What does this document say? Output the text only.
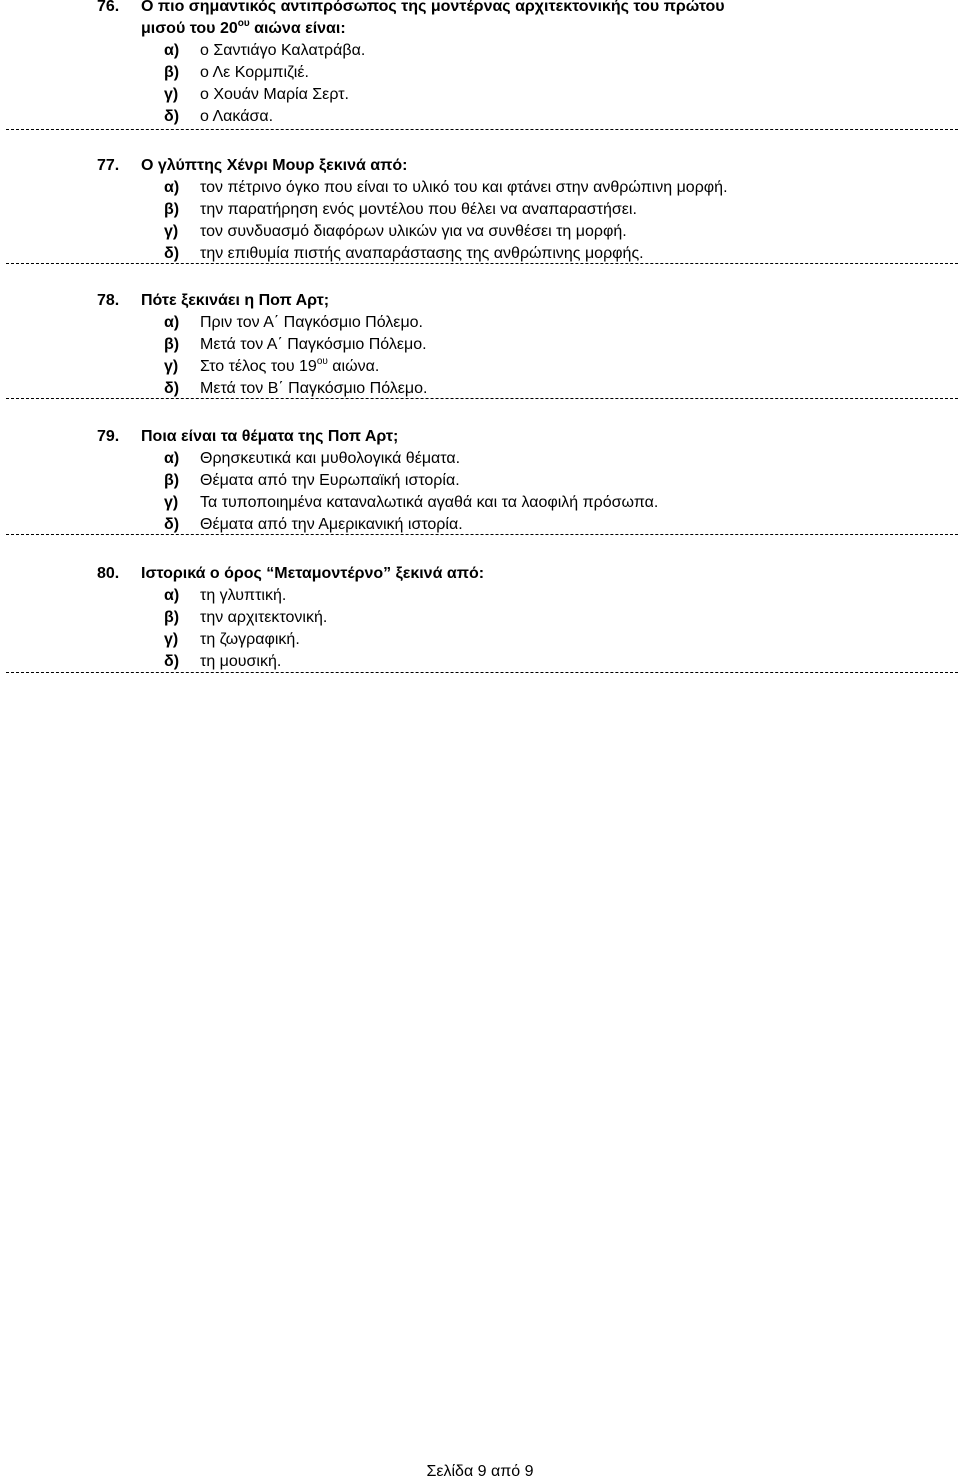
76.	Ο πιο σημαντικός αντιπρόσωπος της μοντέρνας αρχιτεκτονικής του πρώτου
μισού του $20^{o\upsilon}$ αιώνα είναι:
α) ο Σαντιάγο Καλατράβα.
β) ο Λε Κορμπιζιέ.
γ) ο Χουάν Μαρία Σερτ.
δ) ο Λακάσα.
77.	Ο γλύπτης Χένρι Μουρ ξεκινά από:
α) τον πέτρινο όγκο που είναι το υλικό του και φτάνει στην ανθρώπινη μορφή.
β) την παρατήρηση ενός μοντέλου που θέλει να αναπαραστήσει.
γ) τον συνδυασμό διαφόρων υλικών για να συνθέσει τη μορφή.
δ) την επιθυμία πιστής αναπαράστασης της ανθρώπινης μορφής.
78.	Πότε ξεκινάει η Ποπ Αρτ;
α) Πριν τον Α΄ Παγκόσμιο Πόλεμο.
β) Μετά τον Α΄ Παγκόσμιο Πόλεμο.
γ) Στο τέλος του $19^{o\upsilon}$ αιώνα.
δ) Μετά τον Β΄ Παγκόσμιο Πόλεμο.
79.	Ποια είναι τα θέματα της Ποπ Αρτ;
α) Θρησκευτικά και μυθολογικά θέματα.
β) Θέματα από την Ευρωπαϊκή ιστορία.
γ) Τα τυποποιημένα καταναλωτικά αγαθά και τα λαοφιλή πρόσωπα.
δ) Θέματα από την Αμερικανική ιστορία.
80.	Ιστορικά ο όρος “Μεταμοντέρνο” ξεκινά από:
α) τη γλυπτική.
β) την αρχιτεκτονική.
γ) τη ζωγραφική.
δ) τη μουσική.
Σελίδα 9 από 9
